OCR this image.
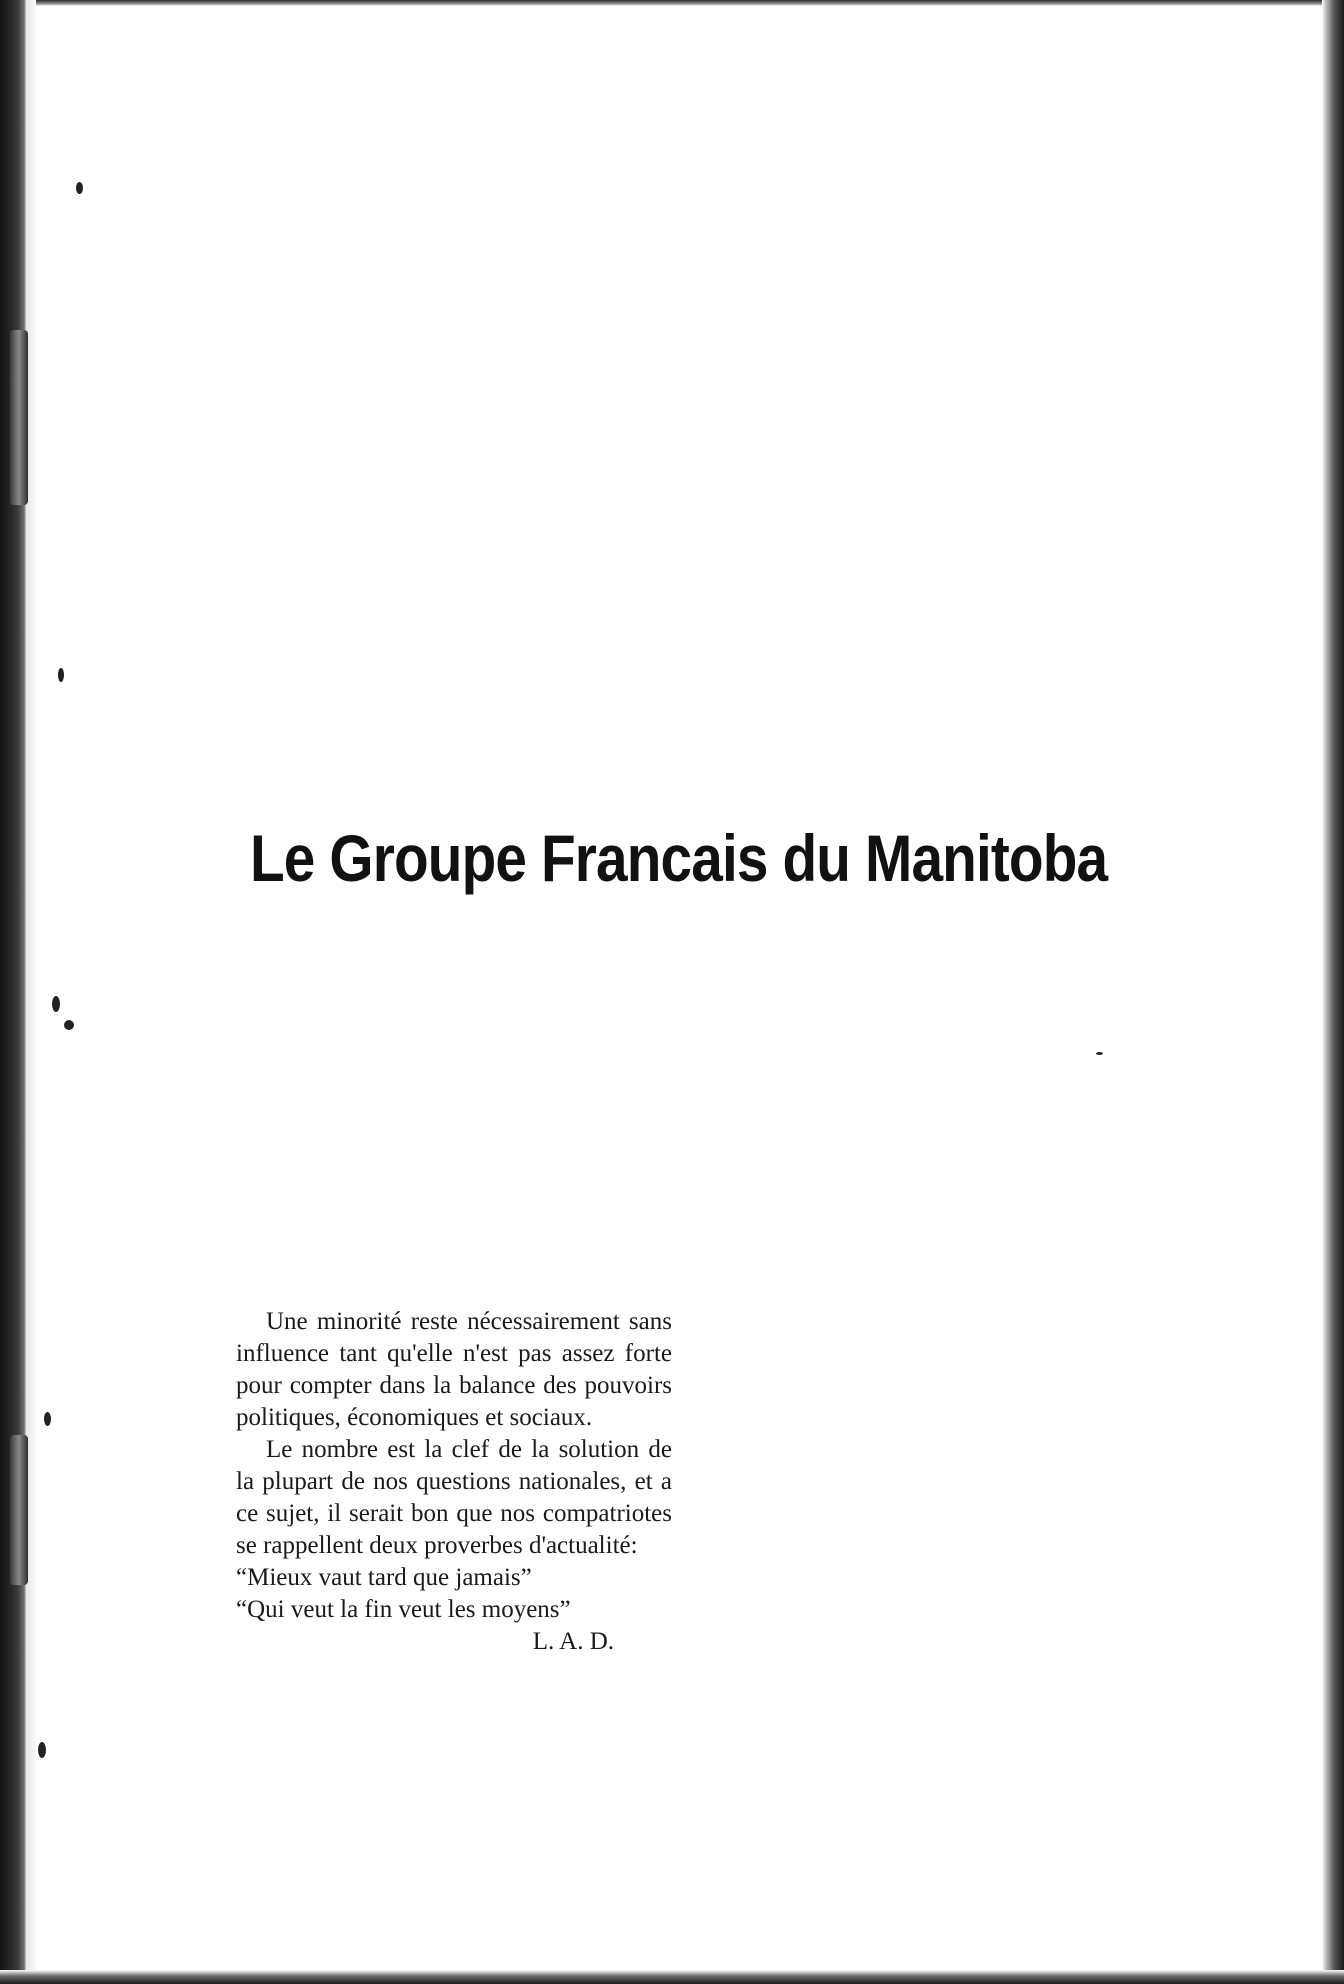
Le Groupe Francais du Manitoba

Une minorité reste nécessairement sans influence tant qu'elle n'est pas assez forte pour compter dans la balance des pouvoirs politiques, économiques et sociaux.

Le nombre est la clef de la solution de la plupart de nos questions nationales, et a ce sujet, il serait bon que nos compatriotes se rappellent deux proverbes d'actualité:

“Mieux vaut tard que jamais”
“Qui veut la fin veut les moyens”
L. A. D.
